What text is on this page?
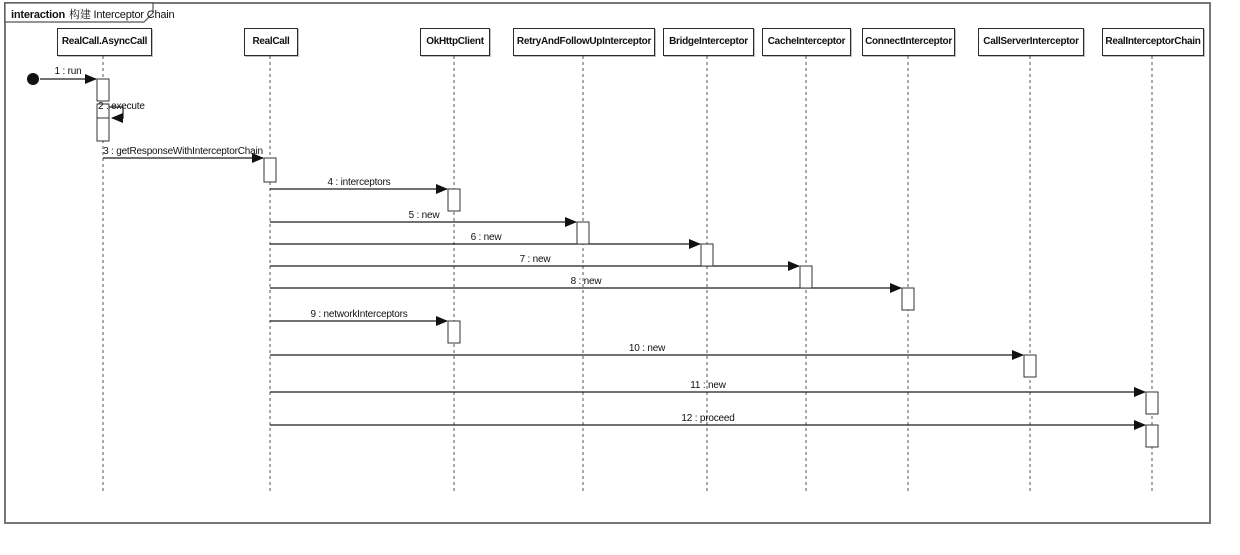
interaction 构建 Interceptor Chain
RealCall.AsyncCall	RealCall	OkHttpClient	RetryAndFollowUpInterceptor	BridgeInterceptor	CacheInterceptor	ConnectInterceptor	CallServerInterceptor	RealInterceptorChain
1 : run
2 : execute
3 : getResponseWithInterceptorChain
4 : interceptors
5 : new
6 : new
7 : new
8 : new
9 : networkInterceptors
10 : new
11 : new
12 : proceed
